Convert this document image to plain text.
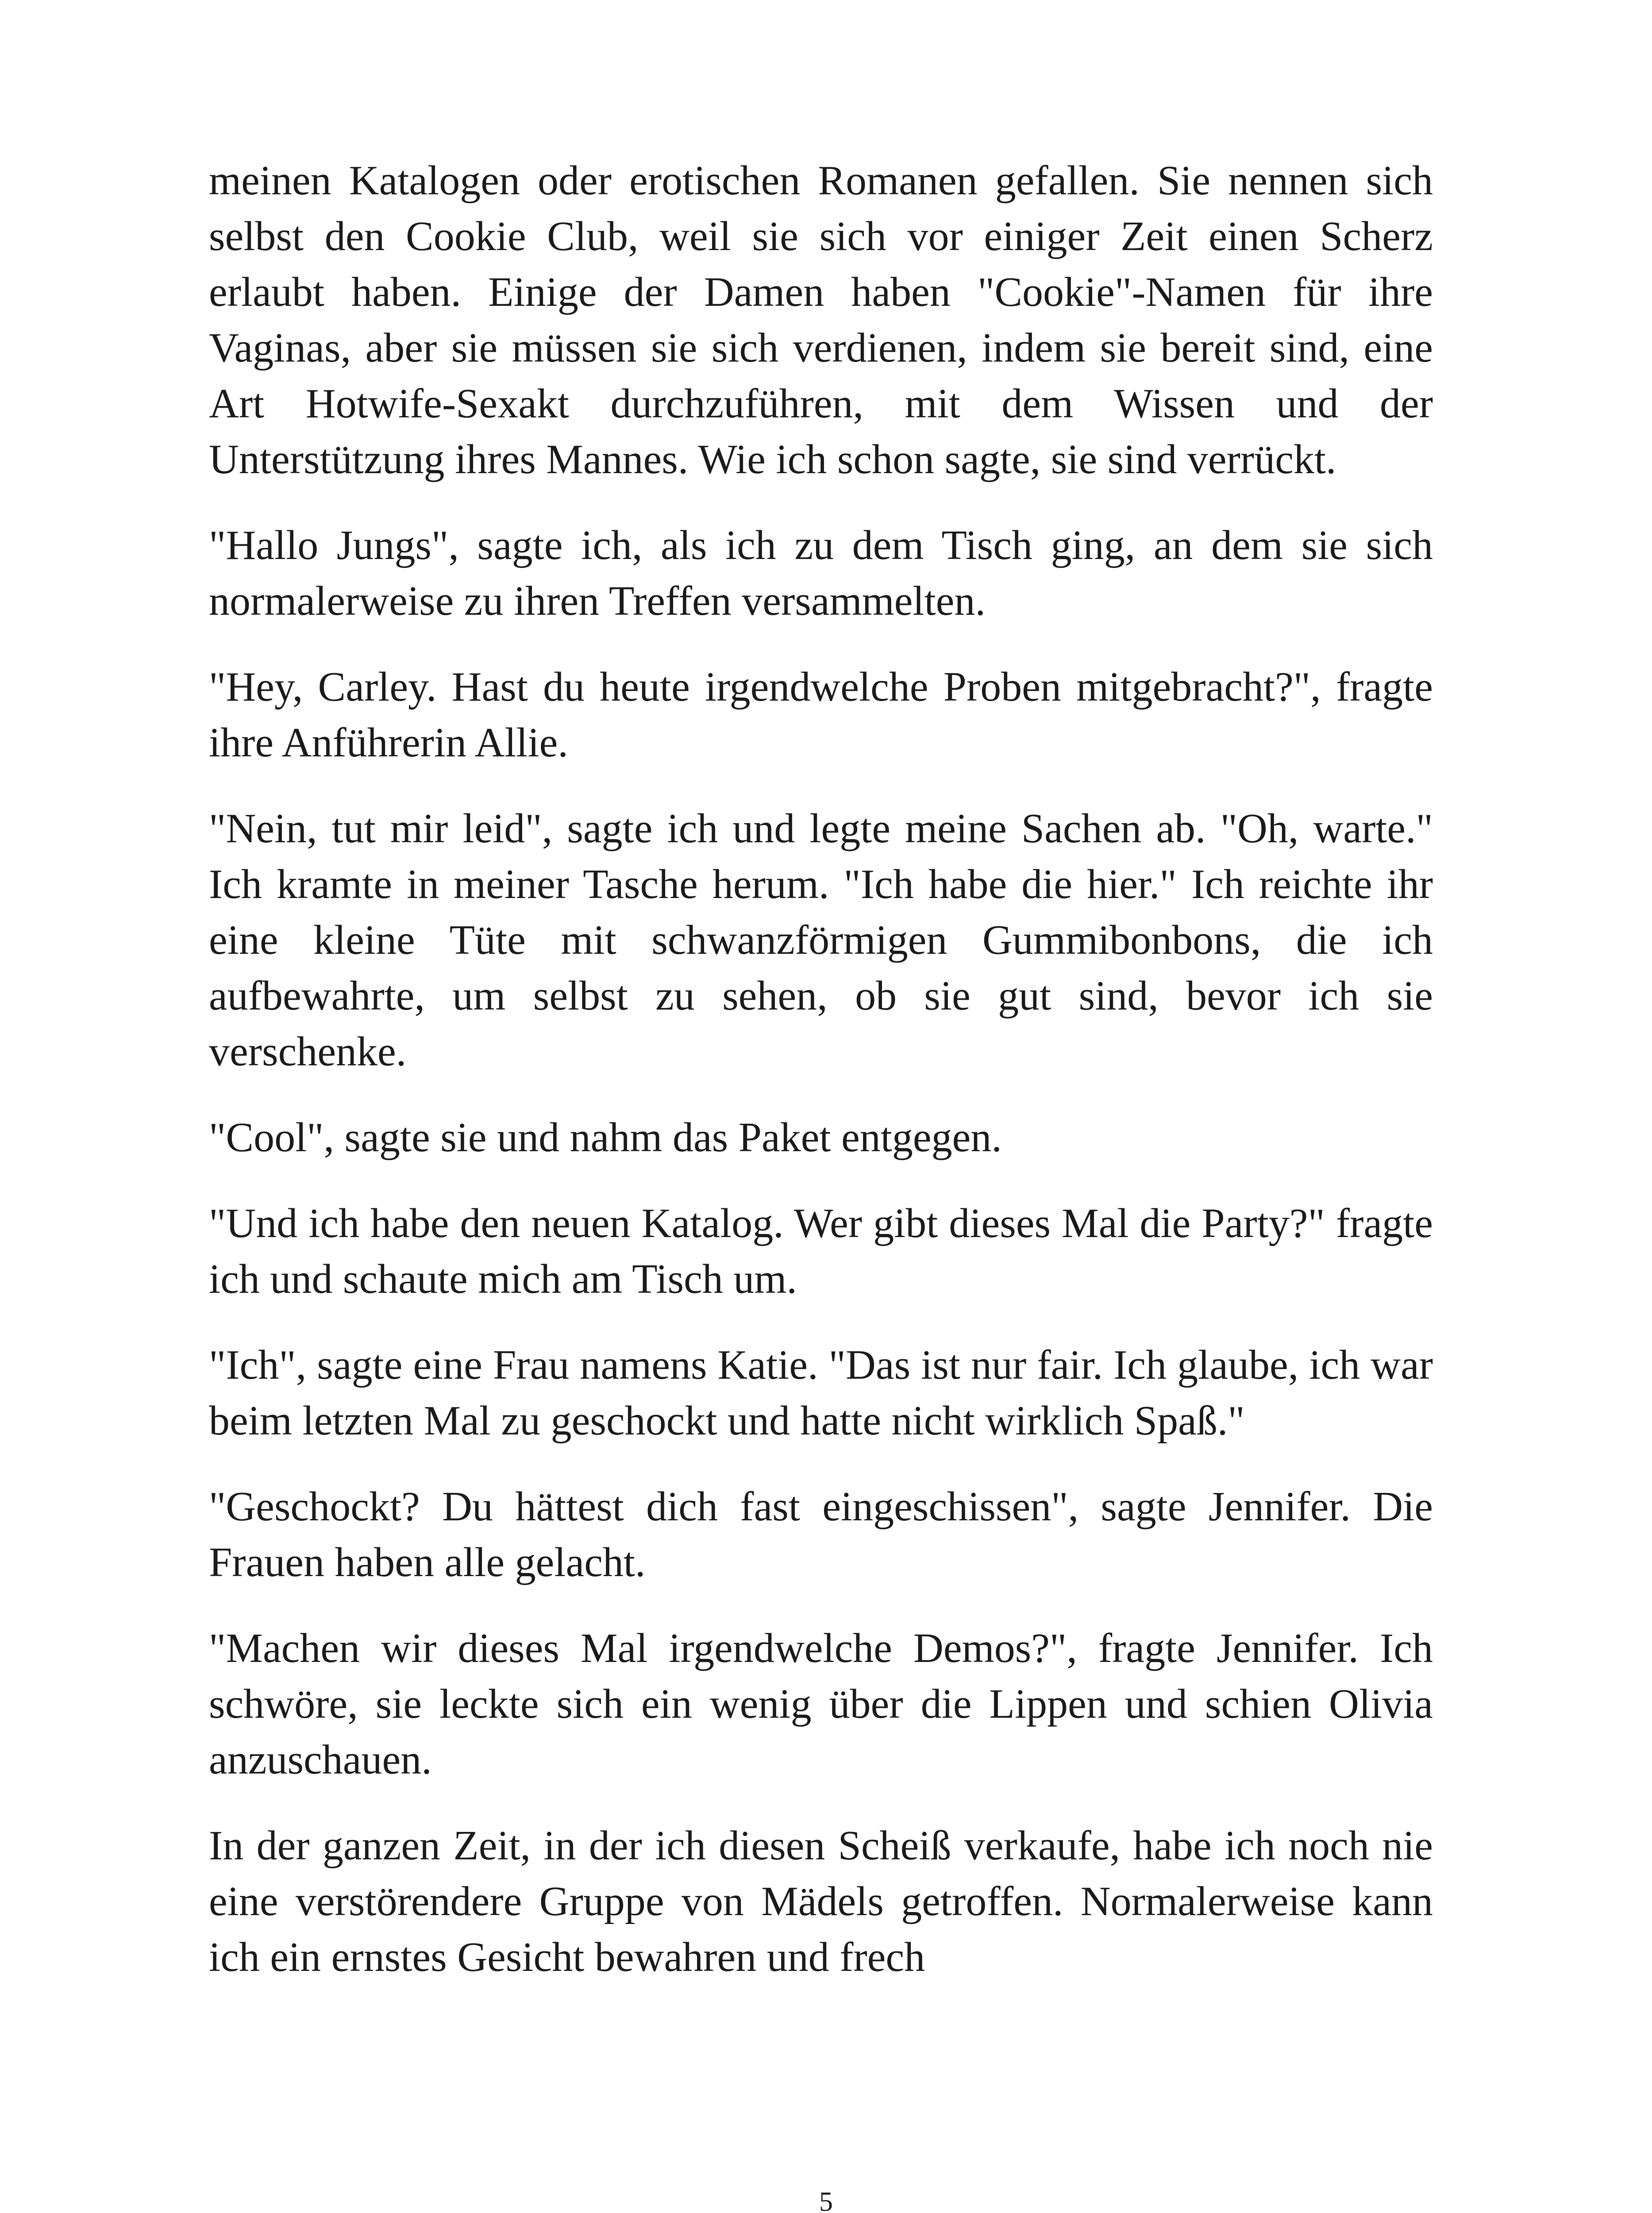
meinen Katalogen oder erotischen Romanen gefallen. Sie nennen sich selbst den Cookie Club, weil sie sich vor einiger Zeit einen Scherz erlaubt haben. Einige der Damen haben "Cookie"-Namen für ihre Vaginas, aber sie müssen sie sich verdienen, indem sie bereit sind, eine Art Hotwife-Sexakt durchzuführen, mit dem Wissen und der Unterstützung ihres Mannes. Wie ich schon sagte, sie sind verrückt.

"Hallo Jungs", sagte ich, als ich zu dem Tisch ging, an dem sie sich normalerweise zu ihren Treffen versammelten.

"Hey, Carley. Hast du heute irgendwelche Proben mitgebracht?", fragte ihre Anführerin Allie.

"Nein, tut mir leid", sagte ich und legte meine Sachen ab. "Oh, warte." Ich kramte in meiner Tasche herum. "Ich habe die hier." Ich reichte ihr eine kleine Tüte mit schwanzförmigen Gummibonbons, die ich aufbewahrte, um selbst zu sehen, ob sie gut sind, bevor ich sie verschenke.

"Cool", sagte sie und nahm das Paket entgegen.

"Und ich habe den neuen Katalog. Wer gibt dieses Mal die Party?" fragte ich und schaute mich am Tisch um.

"Ich", sagte eine Frau namens Katie. "Das ist nur fair. Ich glaube, ich war beim letzten Mal zu geschockt und hatte nicht wirklich Spaß."

"Geschockt? Du hättest dich fast eingeschissen", sagte Jennifer. Die Frauen haben alle gelacht.

"Machen wir dieses Mal irgendwelche Demos?", fragte Jennifer. Ich schwöre, sie leckte sich ein wenig über die Lippen und schien Olivia anzuschauen.

In der ganzen Zeit, in der ich diesen Scheiß verkaufe, habe ich noch nie eine verstörendere Gruppe von Mädels getroffen. Normalerweise kann ich ein ernstes Gesicht bewahren und frech

5
